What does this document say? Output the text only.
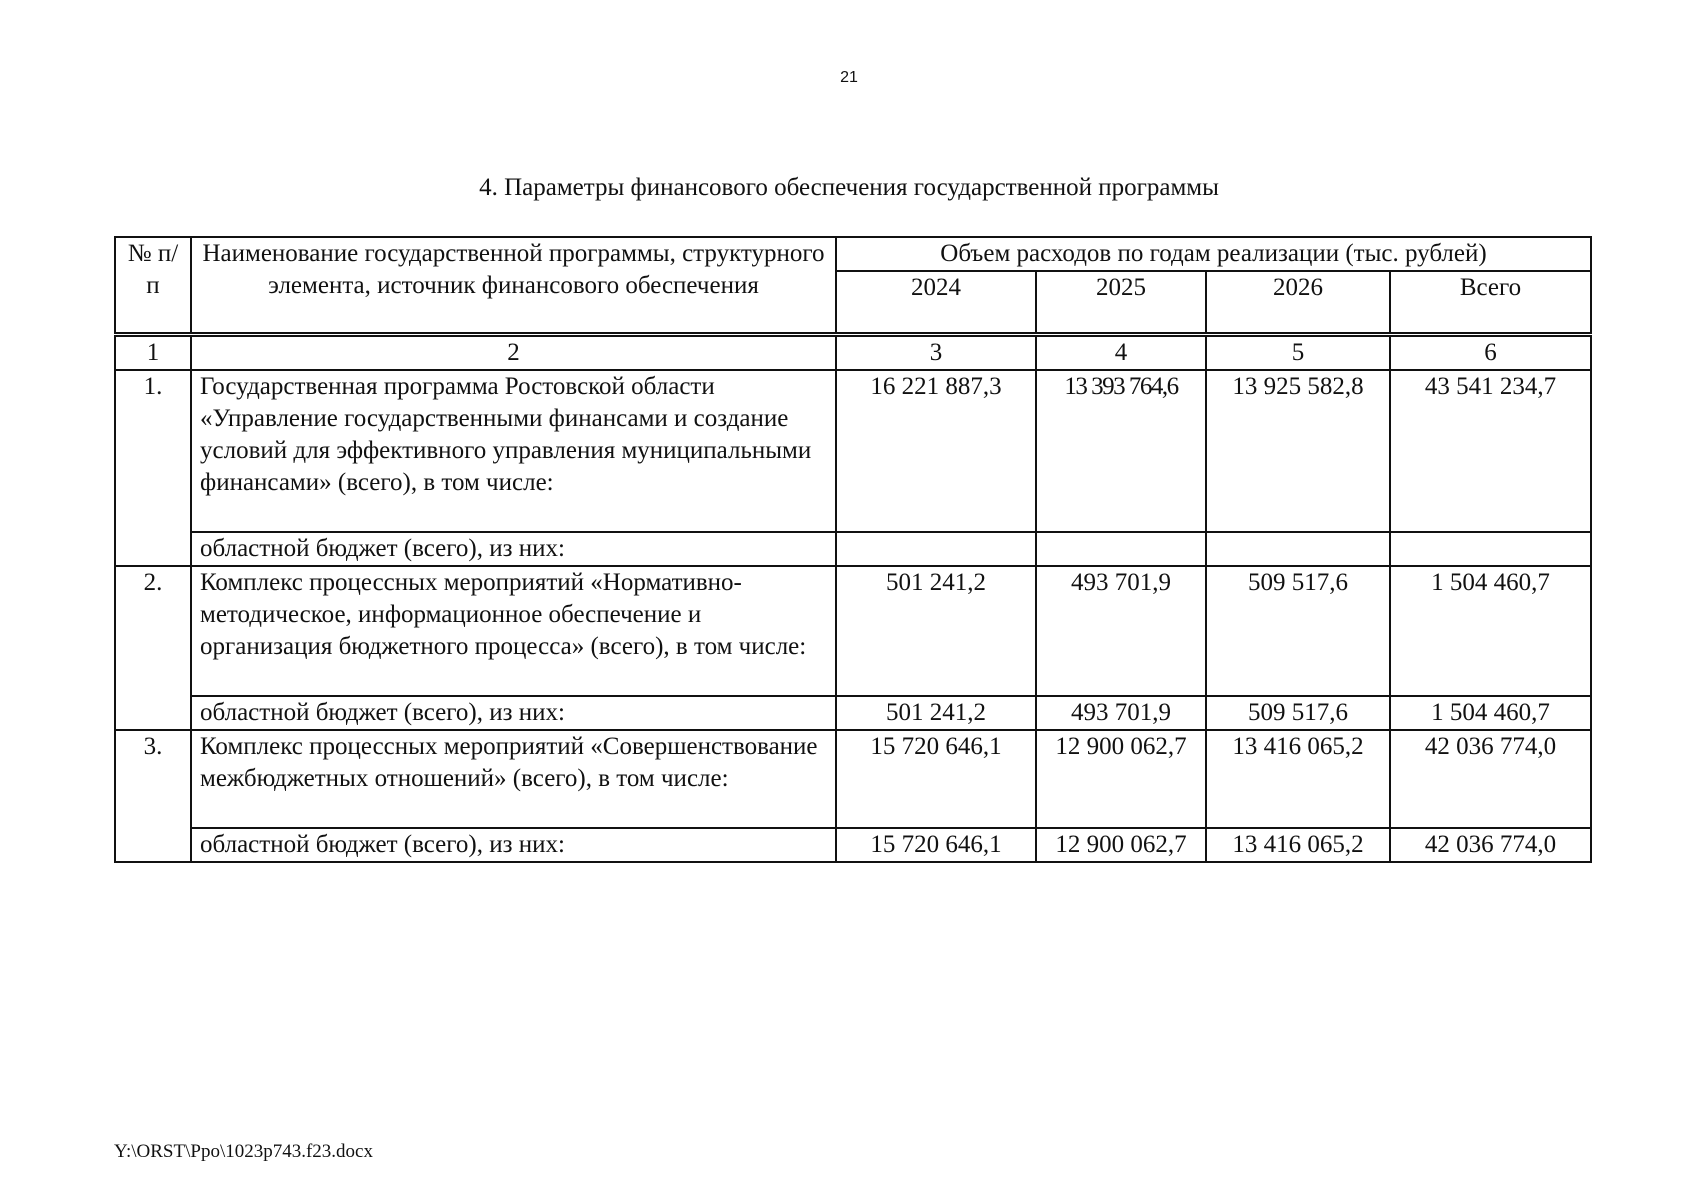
21
4. Параметры финансового обеспечения государственной программы
№ п/п	Наименование государственной программы, структурного элемента, источник финансового обеспечения	Объем расходов по годам реализации (тыс. рублей)			
		2024	2025	2026	Всего
1	2	3	4	5	6
1.	Государственная программа Ростовской области «Управление государственными финансами и создание условий для эффективного управления муниципальными финансами» (всего), в том числе:	16 221 887,3	13 393 764,6	13 925 582,8	43 541 234,7
	областной бюджет (всего), из них:				
2.	Комплекс процессных мероприятий «Нормативно-методическое, информационное обеспечение и организация бюджетного процесса» (всего), в том числе:	501 241,2	493 701,9	509 517,6	1 504 460,7
	областной бюджет (всего), из них:	501 241,2	493 701,9	509 517,6	1 504 460,7
3.	Комплекс процессных мероприятий «Совершенствование межбюджетных отношений» (всего), в том числе:	15 720 646,1	12 900 062,7	13 416 065,2	42 036 774,0
	областной бюджет (всего), из них:	15 720 646,1	12 900 062,7	13 416 065,2	42 036 774,0
Y:\ORST\Ppo\1023p743.f23.docx
